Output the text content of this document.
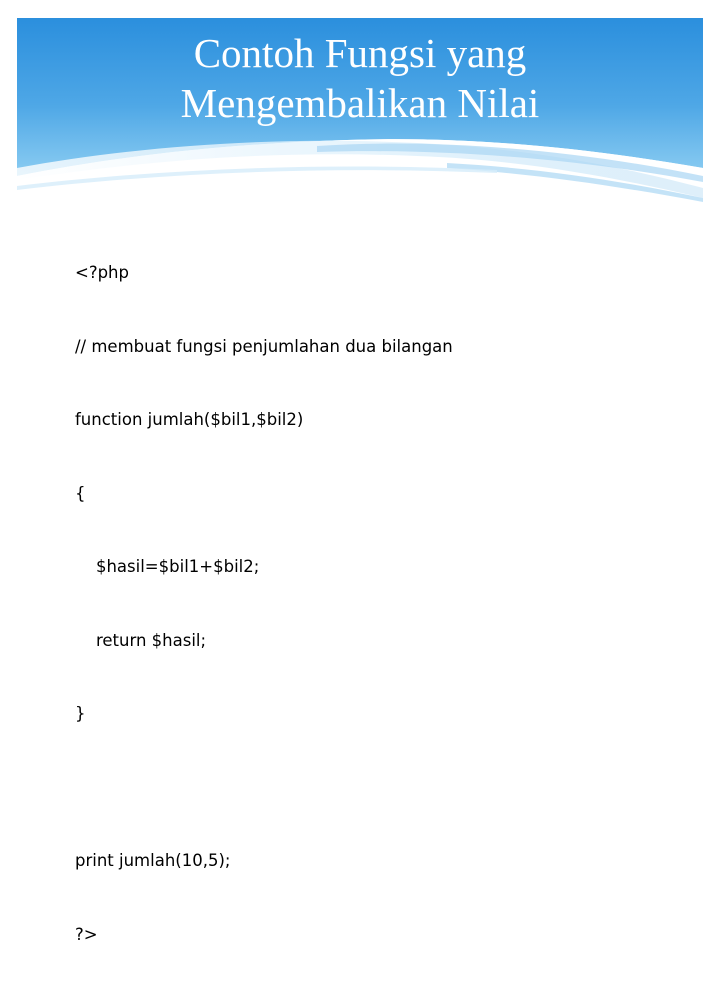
Contoh Fungsi yang
Mengembalikan Nilai

<?php

// membuat fungsi penjumlahan dua bilangan

function jumlah($bil1,$bil2)

{

$hasil=$bil1+$bil2;

return $hasil;

}

print jumlah(10,5);

?>
